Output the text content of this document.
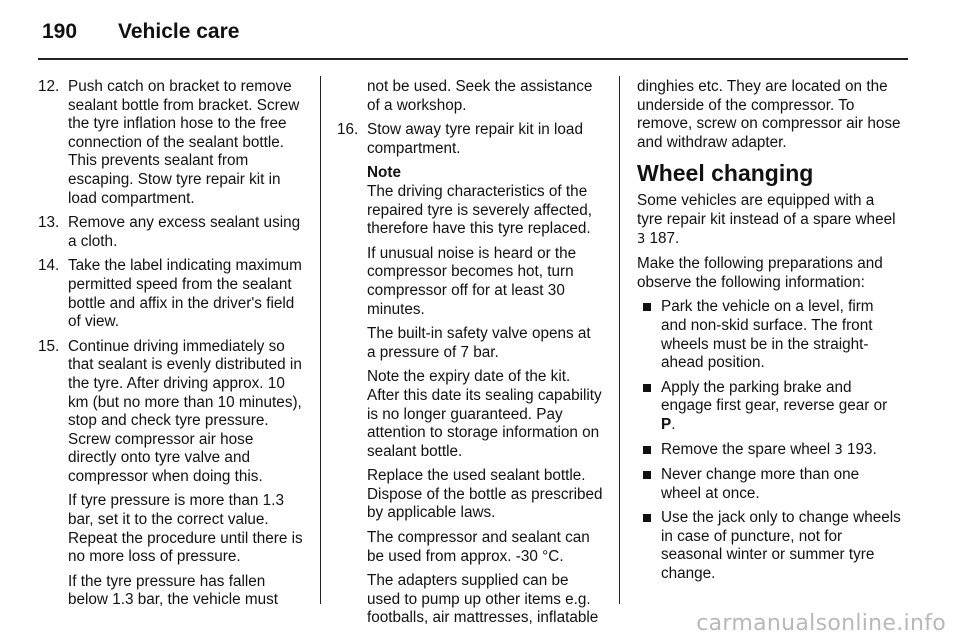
190 Vehicle care
12. Push catch on bracket to remove sealant bottle from bracket. Screw the tyre inflation hose to the free connection of the sealant bottle. This prevents sealant from escaping. Stow tyre repair kit in load compartment.
13. Remove any excess sealant using a cloth.
14. Take the label indicating maximum permitted speed from the sealant bottle and affix in the driver's field of view.
15. Continue driving immediately so that sealant is evenly distributed in the tyre. After driving approx. 10 km (but no more than 10 minutes), stop and check tyre pressure. Screw compressor air hose directly onto tyre valve and compressor when doing this.
If tyre pressure is more than 1.3 bar, set it to the correct value. Repeat the procedure until there is no more loss of pressure.
If the tyre pressure has fallen below 1.3 bar, the vehicle must
not be used. Seek the assistance of a workshop.
16. Stow away tyre repair kit in load compartment.
Note
The driving characteristics of the repaired tyre is severely affected, therefore have this tyre replaced.
If unusual noise is heard or the compressor becomes hot, turn compressor off for at least 30 minutes.
The built-in safety valve opens at a pressure of 7 bar.
Note the expiry date of the kit. After this date its sealing capability is no longer guaranteed. Pay attention to storage information on sealant bottle.
Replace the used sealant bottle. Dispose of the bottle as prescribed by applicable laws.
The compressor and sealant can be used from approx. -30 °C.
The adapters supplied can be used to pump up other items e.g. footballs, air mattresses, inflatable
dinghies etc. They are located on the underside of the compressor. To remove, screw on compressor air hose and withdraw adapter.
Wheel changing
Some vehicles are equipped with a tyre repair kit instead of a spare wheel 3 187.
Make the following preparations and observe the following information:
Park the vehicle on a level, firm and non-skid surface. The front wheels must be in the straight-ahead position.
Apply the parking brake and engage first gear, reverse gear or P.
Remove the spare wheel 3 193.
Never change more than one wheel at once.
Use the jack only to change wheels in case of puncture, not for seasonal winter or summer tyre change.
carmanualsonline.info
